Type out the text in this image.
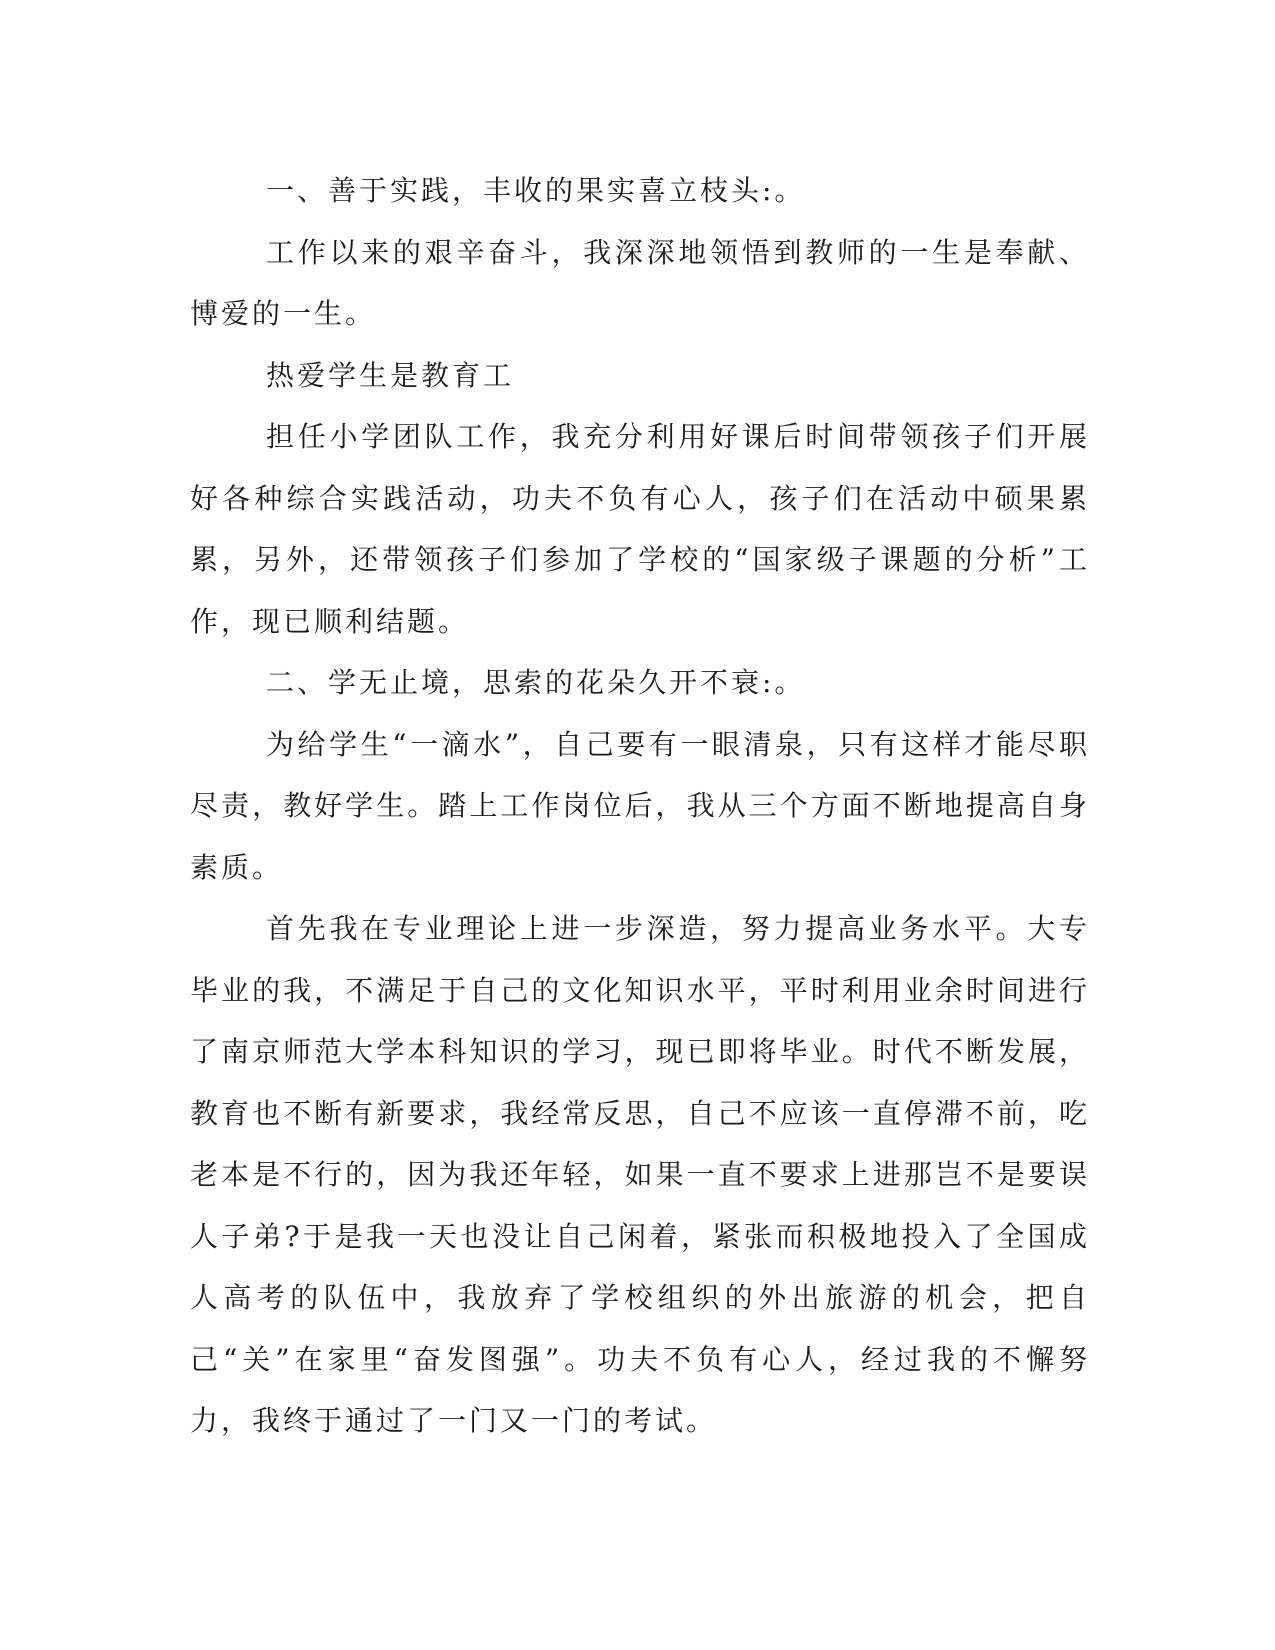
一、善于实践，丰收的果实喜立枝头:。

工作以来的艰辛奋斗，我深深地领悟到教师的一生是奉献、博爱的一生。

热爱学生是教育工

担任小学团队工作，我充分利用好课后时间带领孩子们开展好各种综合实践活动，功夫不负有心人，孩子们在活动中硕果累累，另外，还带领孩子们参加了学校的“国家级子课题的分析”工作，现已顺利结题。

二、学无止境，思索的花朵久开不衰:。

为给学生“一滴水”，自己要有一眼清泉，只有这样才能尽职尽责，教好学生。踏上工作岗位后，我从三个方面不断地提高自身素质。

首先我在专业理论上进一步深造，努力提高业务水平。大专毕业的我，不满足于自己的文化知识水平，平时利用业余时间进行了南京师范大学本科知识的学习，现已即将毕业。时代不断发展，教育也不断有新要求，我经常反思，自己不应该一直停滞不前，吃老本是不行的，因为我还年轻，如果一直不要求上进那岂不是要误人子弟?于是我一天也没让自己闲着，紧张而积极地投入了全国成人高考的队伍中，我放弃了学校组织的外出旅游的机会，把自己“关”在家里“奋发图强”。功夫不负有心人，经过我的不懈努力，我终于通过了一门又一门的考试。
